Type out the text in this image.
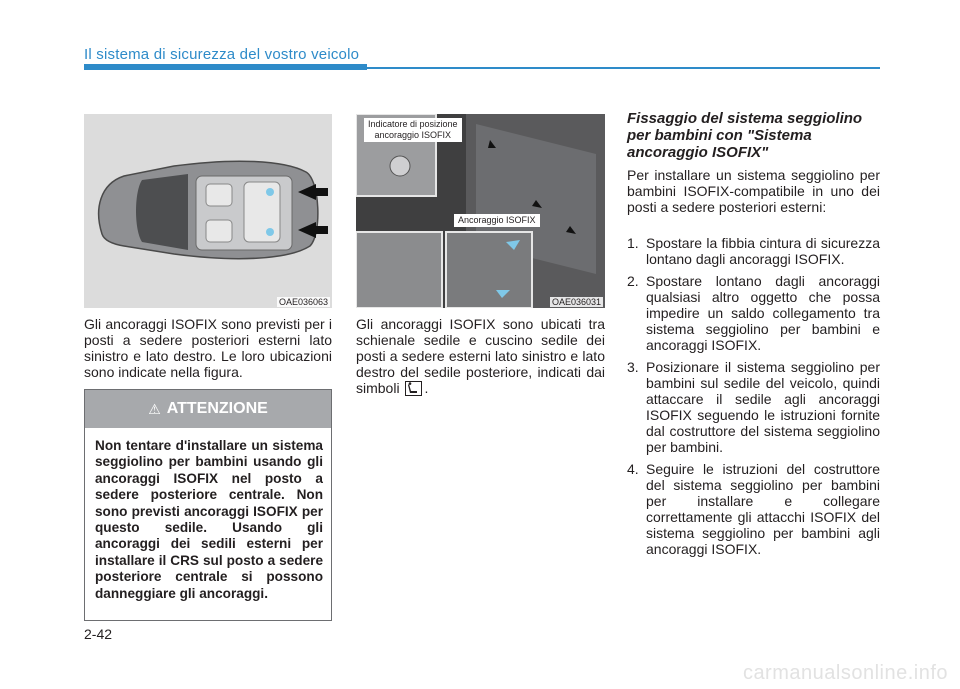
Il sistema di sicurezza del vostro veicolo
OAE036063
Indicatore di posizione
ancoraggio ISOFIX
Ancoraggio ISOFIX
OAE036031

Gli ancoraggi ISOFIX sono previsti per i posti a sedere posteriori esterni lato sinistro e lato destro. Le loro ubicazioni sono indicate nella figura.

⚠ ATTENZIONE

Non tentare d'installare un sistema seggiolino per bambini usando gli ancoraggi ISOFIX nel posto a sedere posteriore centrale. Non sono previsti ancoraggi ISOFIX per questo sedile. Usando gli ancoraggi dei sedili esterni per installare il CRS sul posto a sedere posteriore centrale si possono danneggiare gli ancoraggi.

Gli ancoraggi ISOFIX sono ubicati tra schienale sedile e cuscino sedile dei posti a sedere esterni lato sinistro e lato destro del sedile posteriore, indicati dai simboli .

Fissaggio del sistema seggiolino per bambini con "Sistema ancoraggio ISOFIX"

Per installare un sistema seggiolino per bambini ISOFIX-compatibile in uno dei posti a sedere posteriori esterni:

1. Spostare la fibbia cintura di sicurezza lontano dagli ancoraggi ISOFIX.
2. Spostare lontano dagli ancoraggi qualsiasi altro oggetto che possa impedire un saldo collegamento tra sistema seggiolino per bambini e ancoraggi ISOFIX.
3. Posizionare il sistema seggiolino per bambini sul sedile del veicolo, quindi attaccare il sedile agli ancoraggi ISOFIX seguendo le istruzioni fornite dal costruttore del sistema seggiolino per bambini.
4. Seguire le istruzioni del costruttore del sistema seggiolino per bambini per installare e collegare correttamente gli attacchi ISOFIX del sistema seggiolino per bambini agli ancoraggi ISOFIX.
2-42
carmanualsonline.info
